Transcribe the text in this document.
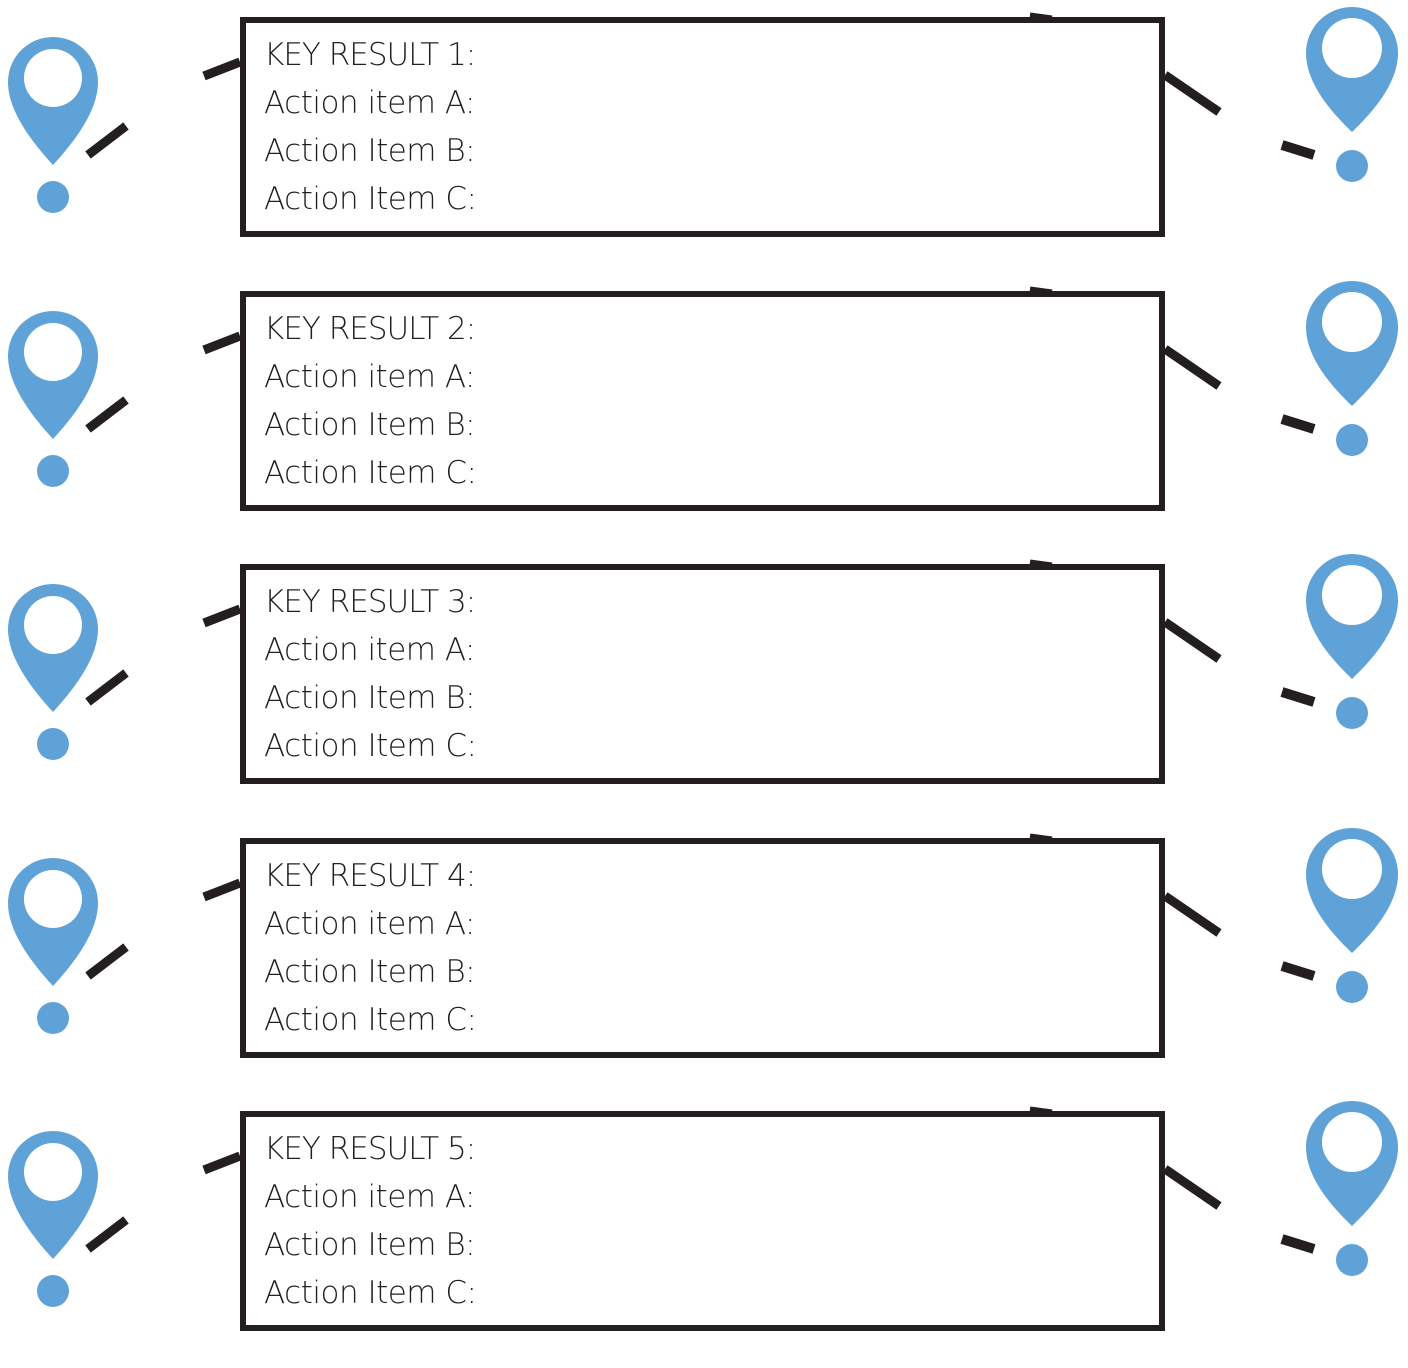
KEY RESULT 1:
Action item A:
Action Item B:
Action Item C:
KEY RESULT 2:
Action item A:
Action Item B:
Action Item C:
KEY RESULT 3:
Action item A:
Action Item B:
Action Item C:
KEY RESULT 4:
Action item A:
Action Item B:
Action Item C:
KEY RESULT 5:
Action item A:
Action Item B:
Action Item C:
